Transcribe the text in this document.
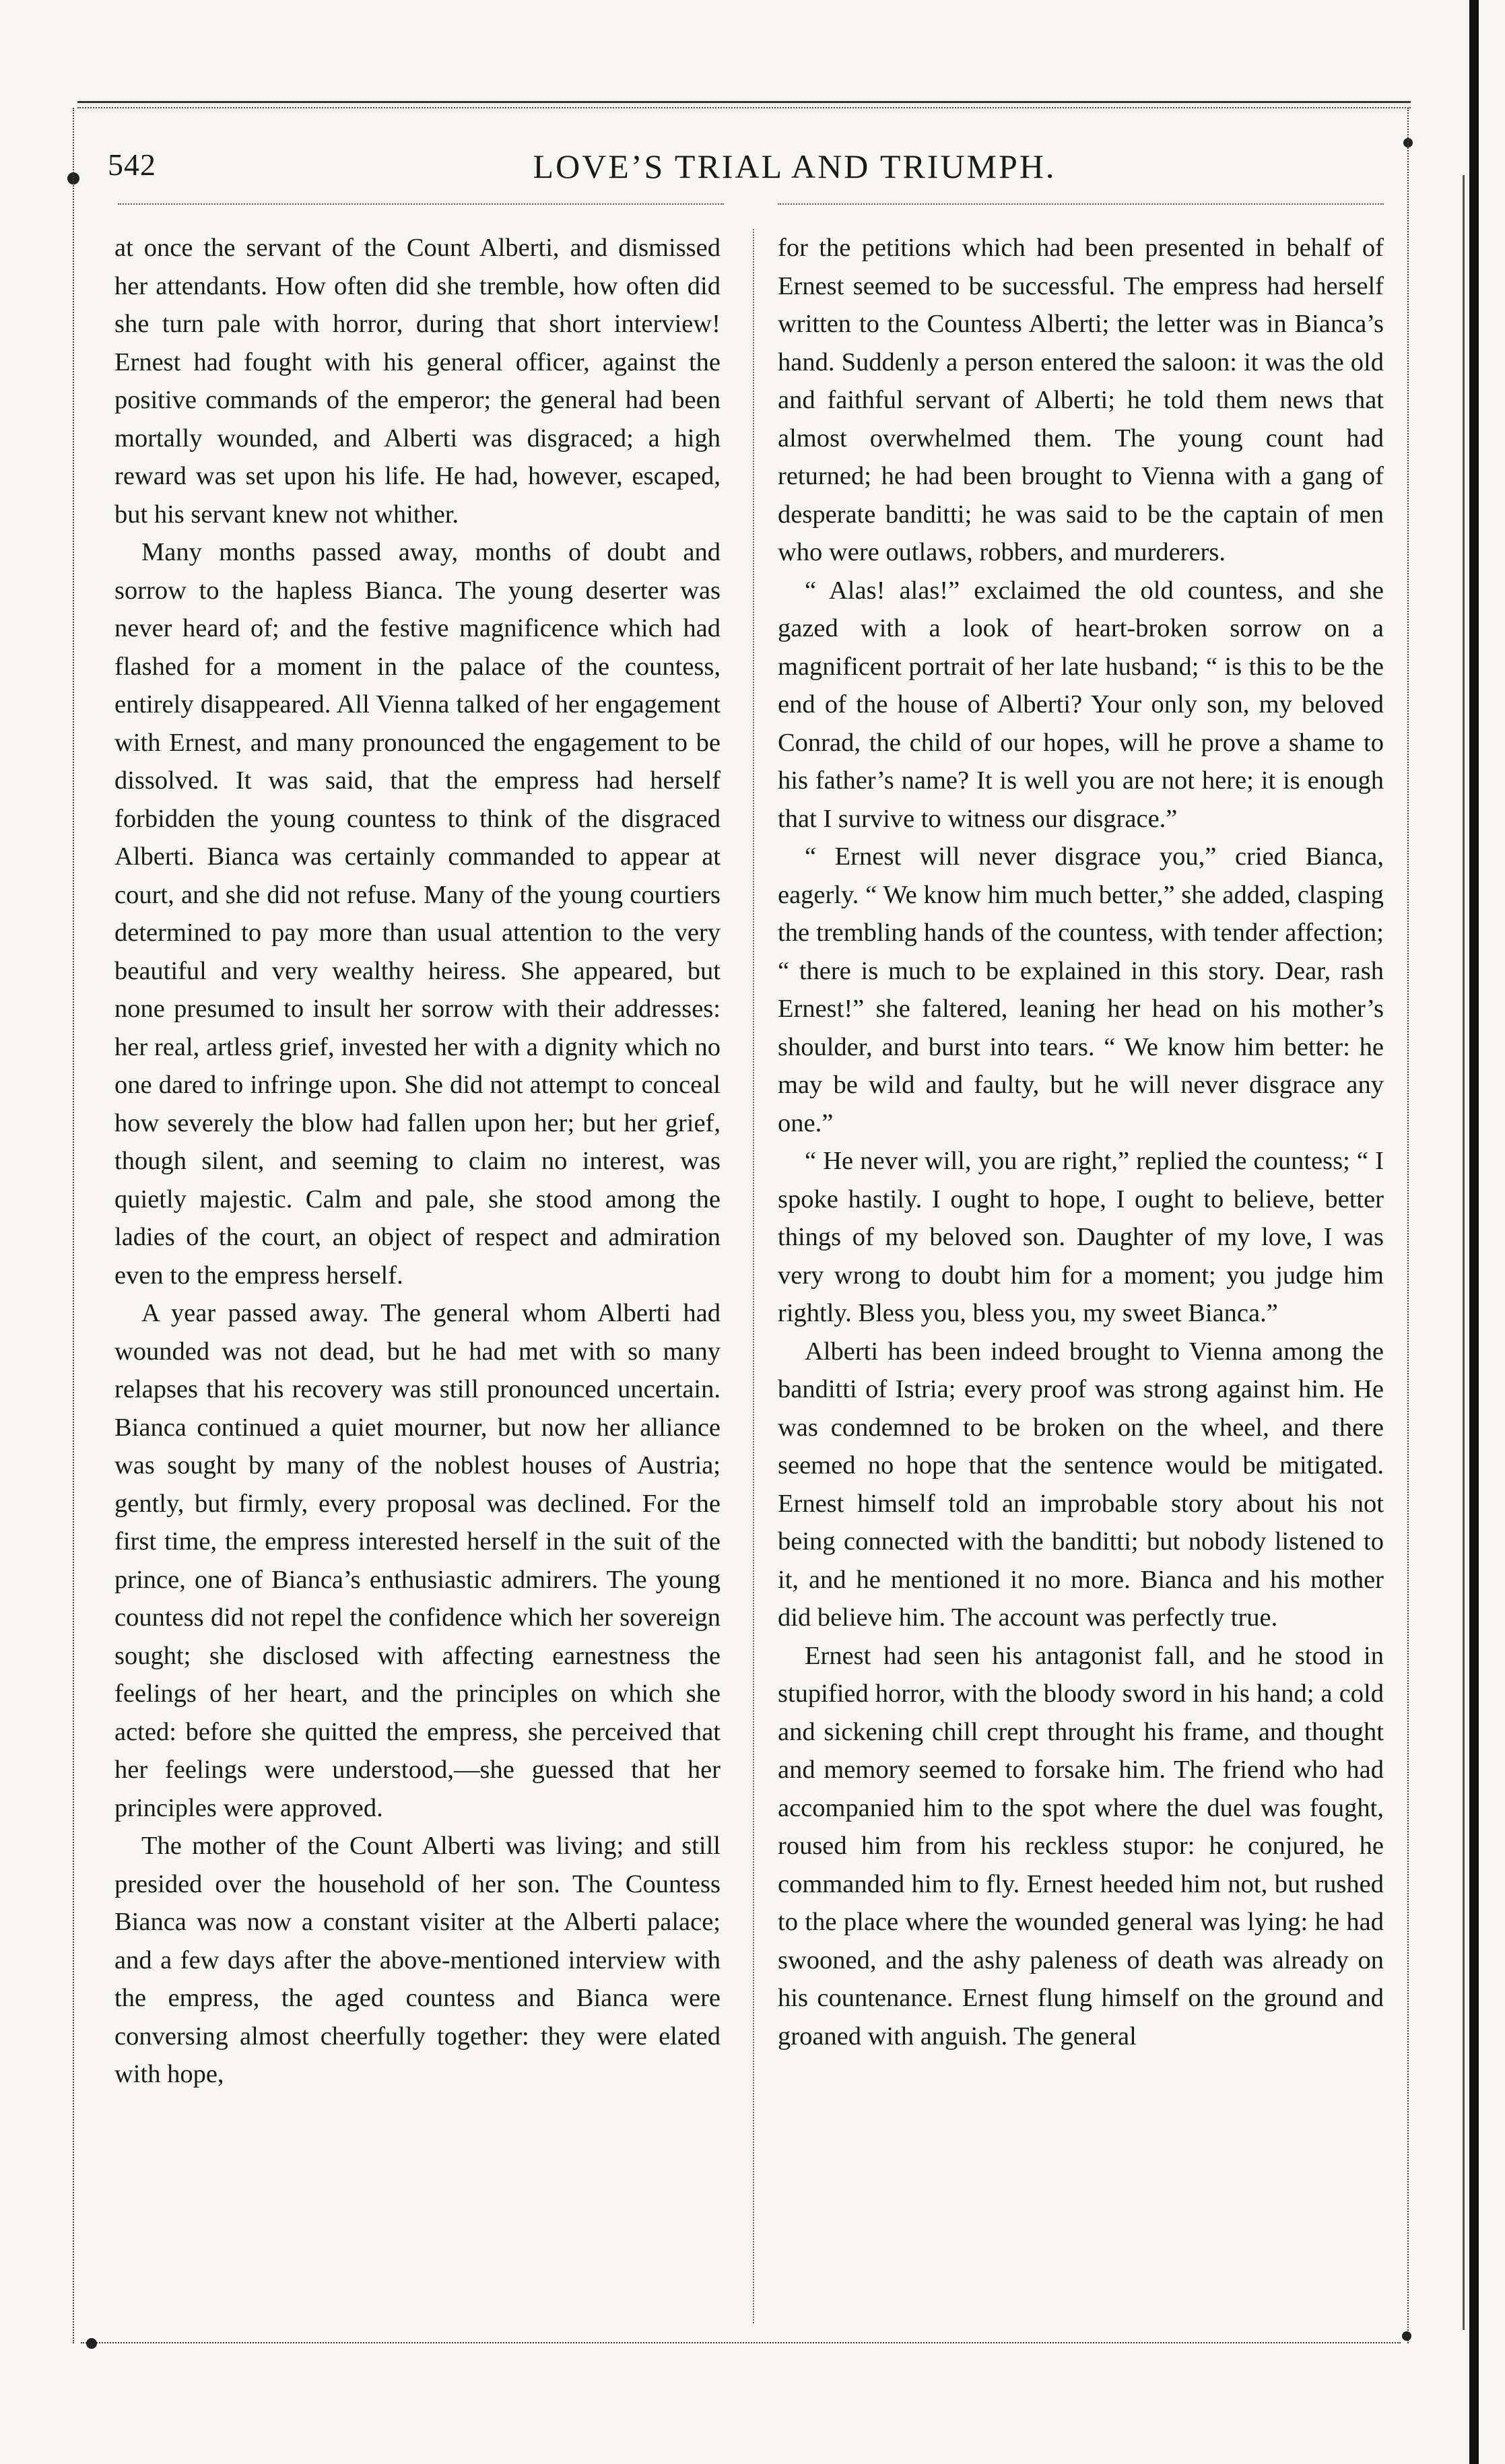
542	LOVE’S TRIAL AND TRIUMPH.

at once the servant of the Count Alberti, and dismissed her attendants. How often did she tremble, how often did she turn pale with horror, during that short interview! Ernest had fought with his general officer, against the positive commands of the emperor; the general had been mortally wounded, and Alberti was disgraced; a high reward was set upon his life. He had, however, escaped, but his servant knew not whither.

Many months passed away, months of doubt and sorrow to the hapless Bianca. The young deserter was never heard of; and the festive magnificence which had flashed for a moment in the palace of the countess, entirely disappeared. All Vienna talked of her engagement with Ernest, and many pronounced the engagement to be dissolved. It was said, that the empress had herself forbidden the young countess to think of the disgraced Alberti. Bianca was certainly commanded to appear at court, and she did not refuse. Many of the young courtiers determined to pay more than usual attention to the very beautiful and very wealthy heiress. She appeared, but none presumed to insult her sorrow with their addresses: her real, artless grief, invested her with a dignity which no one dared to infringe upon. She did not attempt to conceal how severely the blow had fallen upon her; but her grief, though silent, and seeming to claim no interest, was quietly majestic. Calm and pale, she stood among the ladies of the court, an object of respect and admiration even to the empress herself.

A year passed away. The general whom Alberti had wounded was not dead, but he had met with so many relapses that his recovery was still pronounced uncertain. Bianca continued a quiet mourner, but now her alliance was sought by many of the noblest houses of Austria; gently, but firmly, every proposal was declined. For the first time, the empress interested herself in the suit of the prince, one of Bianca’s enthusiastic admirers. The young countess did not repel the confidence which her sovereign sought; she disclosed with affecting earnestness the feelings of her heart, and the principles on which she acted: before she quitted the empress, she perceived that her feelings were understood,—she guessed that her principles were approved.

The mother of the Count Alberti was living; and still presided over the household of her son. The Countess Bianca was now a constant visiter at the Alberti palace; and a few days after the above-mentioned interview with the empress, the aged countess and Bianca were conversing almost cheerfully together: they were elated with hope,

for the petitions which had been presented in behalf of Ernest seemed to be successful. The empress had herself written to the Countess Alberti; the letter was in Bianca’s hand. Suddenly a person entered the saloon: it was the old and faithful servant of Alberti; he told them news that almost overwhelmed them. The young count had returned; he had been brought to Vienna with a gang of desperate banditti; he was said to be the captain of men who were outlaws, robbers, and murderers.

“ Alas! alas!” exclaimed the old countess, and she gazed with a look of heart-broken sorrow on a magnificent portrait of her late husband; “ is this to be the end of the house of Alberti? Your only son, my beloved Conrad, the child of our hopes, will he prove a shame to his father’s name? It is well you are not here; it is enough that I survive to witness our disgrace.”

“ Ernest will never disgrace you,” cried Bianca, eagerly. “ We know him much better,” she added, clasping the trembling hands of the countess, with tender affection; “ there is much to be explained in this story. Dear, rash Ernest!” she faltered, leaning her head on his mother’s shoulder, and burst into tears. “ We know him better: he may be wild and faulty, but he will never disgrace any one.”

“ He never will, you are right,” replied the countess; “ I spoke hastily. I ought to hope, I ought to believe, better things of my beloved son. Daughter of my love, I was very wrong to doubt him for a moment; you judge him rightly. Bless you, bless you, my sweet Bianca.”

Alberti has been indeed brought to Vienna among the banditti of Istria; every proof was strong against him. He was condemned to be broken on the wheel, and there seemed no hope that the sentence would be mitigated. Ernest himself told an improbable story about his not being connected with the banditti; but nobody listened to it, and he mentioned it no more. Bianca and his mother did believe him. The account was perfectly true.

Ernest had seen his antagonist fall, and he stood in stupified horror, with the bloody sword in his hand; a cold and sickening chill crept throught his frame, and thought and memory seemed to forsake him. The friend who had accompanied him to the spot where the duel was fought, roused him from his reckless stupor: he conjured, he commanded him to fly. Ernest heeded him not, but rushed to the place where the wounded general was lying: he had swooned, and the ashy paleness of death was already on his countenance. Ernest flung himself on the ground and groaned with anguish. The general
